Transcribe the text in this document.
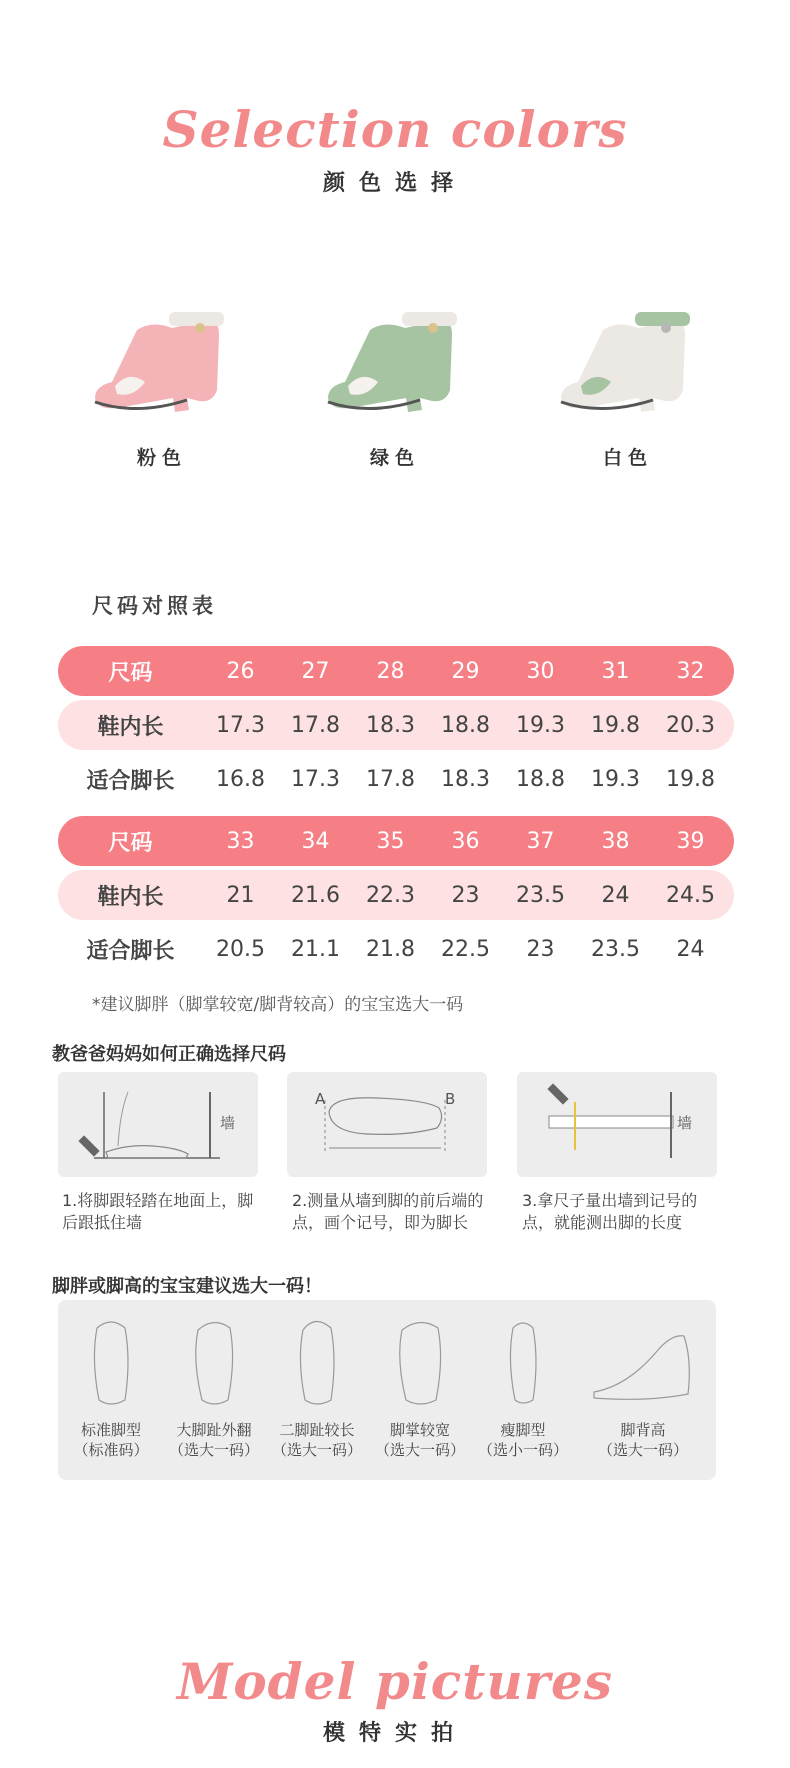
Selection colors
颜色选择
粉色	绿色	白色
尺码对照表
尺码	26	27	28	29	30	31	32
鞋内长	17.3	17.8	18.3	18.8	19.3	19.8	20.3
适合脚长	16.8	17.3	17.8	18.3	18.8	19.3	19.8
尺码	33	34	35	36	37	38	39
鞋内长	21	21.6	22.3	23	23.5	24	24.5
适合脚长	20.5	21.1	21.8	22.5	23	23.5	24
*建议脚胖（脚掌较宽/脚背较高）的宝宝选大一码
教爸爸妈妈如何正确选择尺码
墙
A	B
墙
1.将脚跟轻踏在地面上，脚后跟抵住墙
2.测量从墙到脚的前后端的点，画个记号，即为脚长
3.拿尺子量出墙到记号的点，就能测出脚的长度
脚胖或脚高的宝宝建议选大一码！
标准脚型
（标准码）
大脚趾外翻
（选大一码）
二脚趾较长
（选大一码）
脚掌较宽
（选大一码）
瘦脚型
（选小一码）
脚背高
（选大一码）
Model pictures
模特实拍
